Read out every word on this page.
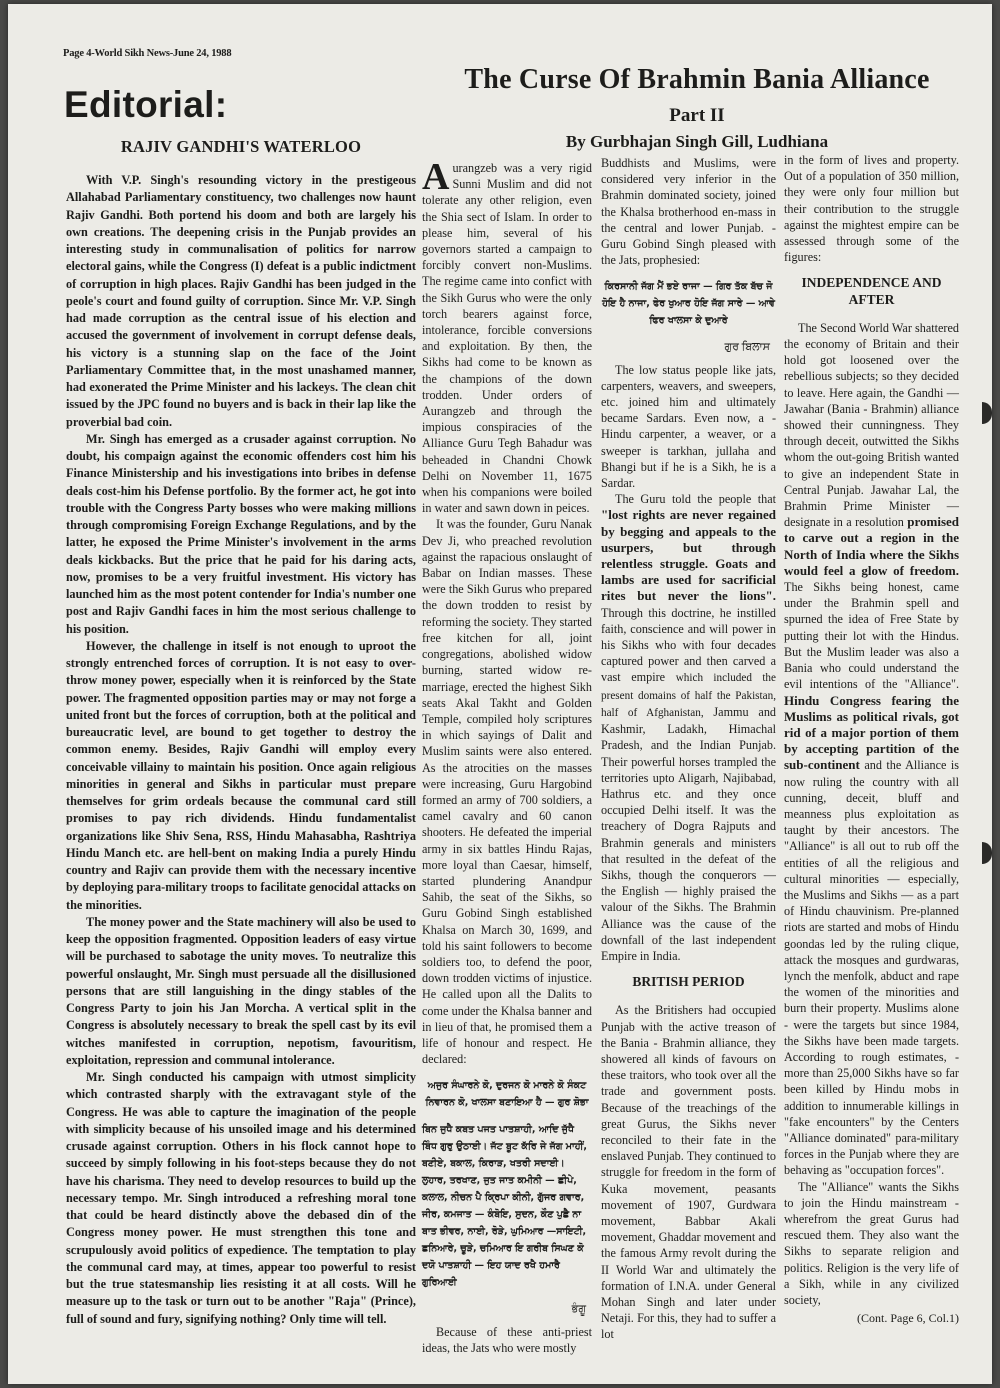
Page 4-World Sikh News-June 24, 1988
Editorial:
RAJIV GANDHI'S WATERLOO

With V.P. Singh's resounding victory in the prestigeous Allahabad Parliamentary constituency, two challenges now haunt Rajiv Gandhi. Both portend his doom and both are largely his own creations. The deepening crisis in the Punjab provides an interesting study in communalisation of politics for narrow electoral gains, while the Congress (I) defeat is a public indictment of corruption in high places. Rajiv Gandhi has been judged in the peole's court and found guilty of corruption. Since Mr. V.P. Singh had made corruption as the central issue of his election and accused the government of involvement in corrupt defense deals, his victory is a stunning slap on the face of the Joint Parliamentary Committee that, in the most unashamed manner, had exonerated the Prime Minister and his lackeys. The clean chit issued by the JPC found no buyers and is back in their lap like the proverbial bad coin.

Mr. Singh has emerged as a crusader against corruption. No doubt, his compaign against the economic offenders cost him his Finance Ministership and his investigations into bribes in defense deals cost-him his Defense portfolio. By the former act, he got into trouble with the Congress Party bosses who were making millions through compromising Foreign Exchange Regulations, and by the latter, he exposed the Prime Minister's involvement in the arms deals kickbacks. But the price that he paid for his daring acts, now, promises to be a very fruitful investment. His victory has launched him as the most potent contender for India's number one post and Rajiv Gandhi faces in him the most serious challenge to his position.

However, the challenge in itself is not enough to uproot the strongly entrenched forces of corruption. It is not easy to over-throw money power, especially when it is reinforced by the State power. The fragmented opposition parties may or may not forge a united front but the forces of corruption, both at the political and bureaucratic level, are bound to get together to destroy the common enemy. Besides, Rajiv Gandhi will employ every conceivable villainy to maintain his position. Once again religious minorities in general and Sikhs in particular must prepare themselves for grim ordeals because the communal card still promises to pay rich dividends. Hindu fundamentalist organizations like Shiv Sena, RSS, Hindu Mahasabha, Rashtriya Hindu Manch etc. are hell-bent on making India a purely Hindu country and Rajiv can provide them with the necessary incentive by deploying para-military troops to facilitate genocidal attacks on the minorities.

The money power and the State machinery will also be used to keep the opposition fragmented. Opposition leaders of easy virtue will be purchased to sabotage the unity moves. To neutralize this powerful onslaught, Mr. Singh must persuade all the disillusioned persons that are still languishing in the dingy stables of the Congress Party to join his Jan Morcha. A vertical split in the Congress is absolutely necessary to break the spell cast by its evil witches manifested in corruption, nepotism, favouritism, exploitation, repression and communal intolerance.

Mr. Singh conducted his campaign with utmost simplicity which contrasted sharply with the extravagant style of the Congress. He was able to capture the imagination of the people with simplicity because of his unsoiled image and his determined crusade against corruption. Others in his flock cannot hope to succeed by simply following in his foot-steps because they do not have his charisma. They need to develop resources to build up the necessary tempo. Mr. Singh introduced a refreshing moral tone that could be heard distinctly above the debased din of the Congress money power. He must strengthen this tone and scrupulously avoid politics of expedience. The temptation to play the communal card may, at times, appear too powerful to resist but the true statesmanship lies resisting it at all costs. Will he measure up to the task or turn out to be another "Raja" (Prince), full of sound and fury, signifying nothing? Only time will tell.

The Curse Of Brahmin Bania Alliance
Part II
By Gurbhajan Singh Gill, Ludhiana

Aurangzeb was a very rigid Sunni Muslim and did not tolerate any other religion, even the Shia sect of Islam. In order to please him, several of his governors started a campaign to forcibly convert non-Muslims. The regime came into confict with the Sikh Gurus who were the only torch bearers against force, intolerance, forcible conversions and exploitation. By then, the Sikhs had come to be known as the champions of the down trodden. Under orders of Aurangzeb and through the impious conspiracies of the Alliance Guru Tegh Bahadur was beheaded in Chandni Chowk Delhi on November 11, 1675 when his companions were boiled in water and sawn down in peices.

It was the founder, Guru Nanak Dev Ji, who preached revolution against the rapacious onslaught of Babar on Indian masses. These were the Sikh Gurus who prepared the down trodden to resist by reforming the society. They started free kitchen for all, joint congregations, abolished widow burning, started widow re-marriage, erected the highest Sikh seats Akal Takht and Golden Temple, compiled holy scriptures in which sayings of Dalit and Muslim saints were also entered. As the atrocities on the masses were increasing, Guru Hargobind formed an army of 700 soldiers, a camel cavalry and 60 canon shooters. He defeated the imperial army in six battles Hindu Rajas, more loyal than Caesar, himself, started plundering Anandpur Sahib, the seat of the Sikhs, so Guru Gobind Singh established Khalsa on March 30, 1699, and told his saint followers to become soldiers too, to defend the poor, down trodden victims of injustice. He called upon all the Dalits to come under the Khalsa banner and in lieu of that, he promised them a life of honour and respect. He declared:

ਅਜੁਰ ਸੰਘਾਰਨੇ ਕੋ, ਦੁਰਜਨ ਕੋ ਮਾਰਨੇ ਕੋ ਸੰਕਟ ਨਿਵਾਰਨ ਕੋ, ਖਾਲਸਾ ਬਣਾਇਆ ਹੈ — ਗੁਰ ਸ਼ੋਭਾ
ਬਿਨ ਜੁਧੈ ਕਬਤ ਪਜਤ ਪਾਤਸ਼ਾਹੀ, ਆਦਿ ਜੁੱਧੈ ਬਿੰਧ ਗੁਰੁ ਉਠਾਈ। ਜੱਟ ਬੂਟ ਕੱਰਿ ਜੇ ਜੱਗ ਮਾਹੀਂ, ਬਣੀਏ, ਬਕਾਲ, ਕਿਰਾੜ, ਖਤਰੀ ਸਦਾਈ। ਲੁਹਾਰ, ਤਰਖਾਣ, ਜੁਤ ਜਾਤ ਕਮੀਨੀ — ਛੀਪੇ, ਕਲਾਲ, ਨੀਚਨ ਪੈ ਕ੍ਰਿਪਾ ਕੀਨੀ, ਗੁੱਜਰ ਗਵਾਰ, ਜੀਰ, ਕਮਜਾਤ — ਕੰਬੋਇ, ਸੁਦਨ, ਕੌਣ ਪੁਛੈ ਨਾ ਬਾਤ ਭੀਵਰ, ਨਾਈ, ਰੋੜੇ, ਘੁਮਿਆਰ —ਸਾਇਟੀ, ਛਨਿਆਰੇ, ਚੂੜੇ, ਚਮਿਆਰ ਇ ਗਰੀਬ ਸਿਘਣ ਕੋ ਦਯੋ ਪਾਤਸ਼ਾਹੀ — ਇਹ ਯਾਦ ਰਖੈ ਹਮਾਰੈ ਗੁਰਿਆਈ
ਭੰਗੂ

Because of these anti-priest ideas, the Jats who were mostly

Buddhists and Muslims, were considered very inferior in the Brahmin dominated society, joined the Khalsa brotherhood en-mass in the central and lower Punjab. - Guru Gobind Singh pleased with the Jats, prophesied:

ਕਿਰਸਾਨੀ ਜੱਗ ਮੈਂ ਭਏ ਰਾਜਾ — ਗਿਰ ਤੱਕ ਬੱਚ ਜੋ ਹੋਇ ਹੈ ਨਾਜਾ, ਫੇਰ ਖੁਆਰ ਹੋਇ ਜੱਗ ਸਾਰੇ — ਆਵੇ ਫਿਰ ਖਾਲਸਾ ਕੇ ਦੁਆਰੇ
ਗੁਰ ਬਿਲਾਸ

The low status people like jats, carpenters, weavers, and sweepers, etc. joined him and ultimately became Sardars. Even now, a - Hindu carpenter, a weaver, or a sweeper is tarkhan, jullaha and Bhangi but if he is a Sikh, he is a Sardar.

The Guru told the people that "lost rights are never regained by begging and appeals to the usurpers, but through relentless struggle. Goats and lambs are used for sacrificial rites but never the lions". Through this doctrine, he instilled faith, conscience and will power in his Sikhs who with four decades captured power and then carved a vast empire which included the present domains of half the Pakistan, half of Afghanistan, Jammu and Kashmir, Ladakh, Himachal Pradesh, and the Indian Punjab. Their powerful horses trampled the territories upto Aligarh, Najibabad, Hathrus etc. and they once occupied Delhi itself. It was the treachery of Dogra Rajputs and Brahmin generals and ministers that resulted in the defeat of the Sikhs, though the conquerors — the English — highly praised the valour of the Sikhs. The Brahmin Alliance was the cause of the downfall of the last independent Empire in India.

BRITISH PERIOD

As the Britishers had occupied Punjab with the active treason of the Bania - Brahmin alliance, they showered all kinds of favours on these traitors, who took over all the trade and government posts. Because of the treachings of the great Gurus, the Sikhs never reconciled to their fate in the enslaved Punjab. They continued to struggle for freedom in the form of Kuka movement, peasants movement of 1907, Gurdwara movement, Babbar Akali movement, Ghaddar movement and the famous Army revolt during the II World War and ultimately the formation of I.N.A. under General Mohan Singh and later under Netaji. For this, they had to suffer a lot

in the form of lives and property. Out of a population of 350 million, they were only four million but their contribution to the struggle against the mightest empire can be assessed through some of the figures:

INDEPENDENCE AND AFTER

The Second World War shattered the economy of Britain and their hold got loosened over the rebellious subjects; so they decided to leave. Here again, the Gandhi — Jawahar (Bania - Brahmin) alliance showed their cunningness. They through deceit, outwitted the Sikhs whom the out-going British wanted to give an independent State in Central Punjab. Jawahar Lal, the Brahmin Prime Minister — designate in a resolution promised to carve out a region in the North of India where the Sikhs would feel a glow of freedom. The Sikhs being honest, came under the Brahmin spell and spurned the idea of Free State by putting their lot with the Hindus. But the Muslim leader was also a Bania who could understand the evil intentions of the "Alliance". Hindu Congress fearing the Muslims as political rivals, got rid of a major portion of them by accepting partition of the sub-continent and the Alliance is now ruling the country with all cunning, deceit, bluff and meanness plus exploitation as taught by their ancestors. The "Alliance" is all out to rub off the entities of all the religious and cultural minorities — especially, the Muslims and Sikhs — as a part of Hindu chauvinism. Pre-planned riots are started and mobs of Hindu goondas led by the ruling clique, attack the mosques and gurdwaras, lynch the menfolk, abduct and rape the women of the minorities and burn their property. Muslims alone - were the targets but since 1984, the Sikhs have been made targets. According to rough estimates, - more than 25,000 Sikhs have so far been killed by Hindu mobs in addition to innumerable killings in "fake encounters" by the Centers "Alliance dominated" para-military forces in the Punjab where they are behaving as "occupation forces".

The "Alliance" wants the Sikhs to join the Hindu mainstream - wherefrom the great Gurus had rescued them. They also want the Sikhs to separate religion and politics. Religion is the very life of a Sikh, while in any civilized society,

(Cont. Page 6, Col.1)
